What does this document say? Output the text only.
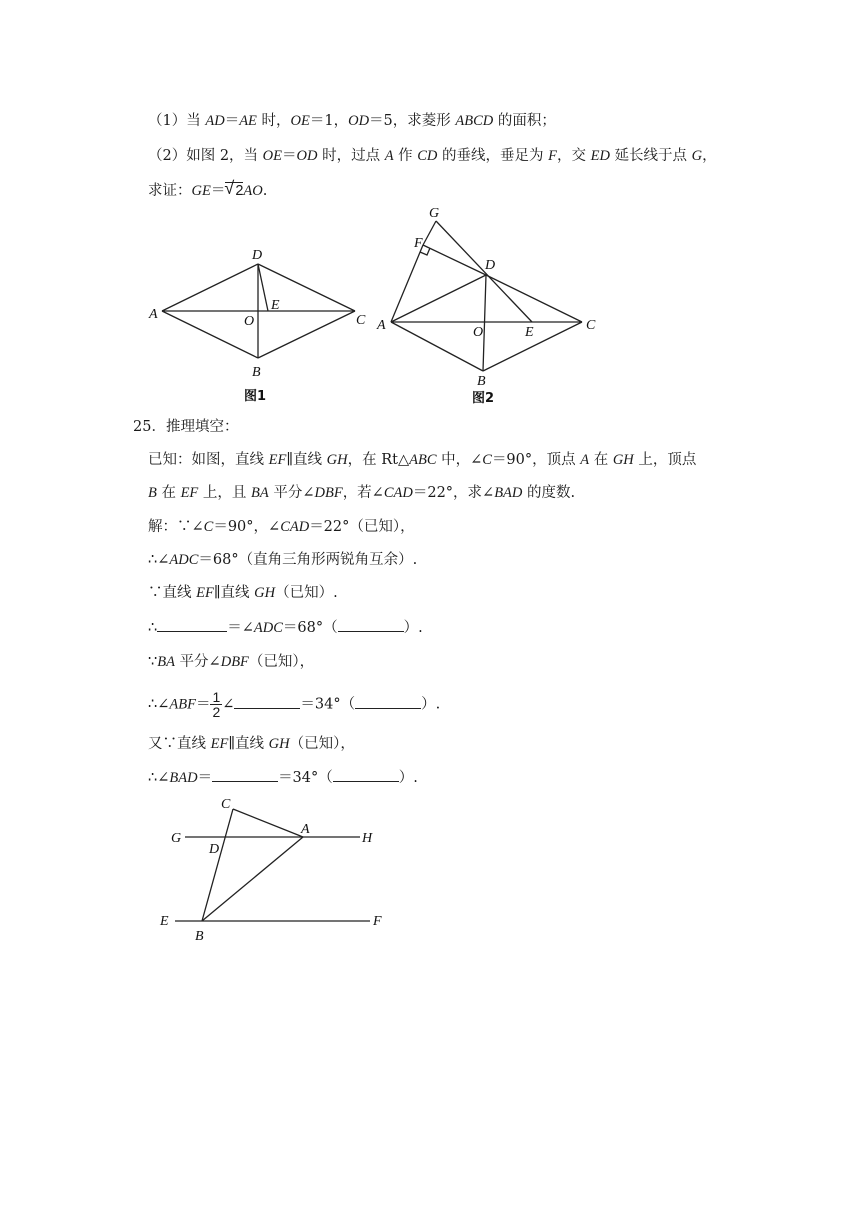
（1）当 AD＝AE 时，OE＝1，OD＝5，求菱形 ABCD 的面积；
（2）如图 2，当 OE＝OD 时，过点 A 作 CD 的垂线，垂足为 F，交 ED 延长线于点 G，
求证：GE＝√ 2AO.
D
A	C
E
O
B
图1
G
F
D
A	C
O	E
B
图2
25．推理填空：
已知：如图，直线 EF∥直线 GH，在 Rt△ABC 中，∠C＝90°，顶点 A 在 GH 上，顶点
B 在 EF 上，且 BA 平分∠DBF，若∠CAD＝22°，求∠BAD 的度数.
解：∵∠C＝90°，∠CAD＝22°（已知），
∴∠ADC＝68°（直角三角形两锐角互余）.
∵直线 EF∥直线 GH（已知）.
∴	＝∠ADC＝68°（	）.
∵BA 平分∠DBF（已知），
∴∠ABF＝ $\frac{1}{2}$ ∠	＝34°（	）.
又∵直线 EF∥直线 GH（已知），
∴∠BAD＝	＝34°（	）.
C
G
D
A
H
E
B
F
